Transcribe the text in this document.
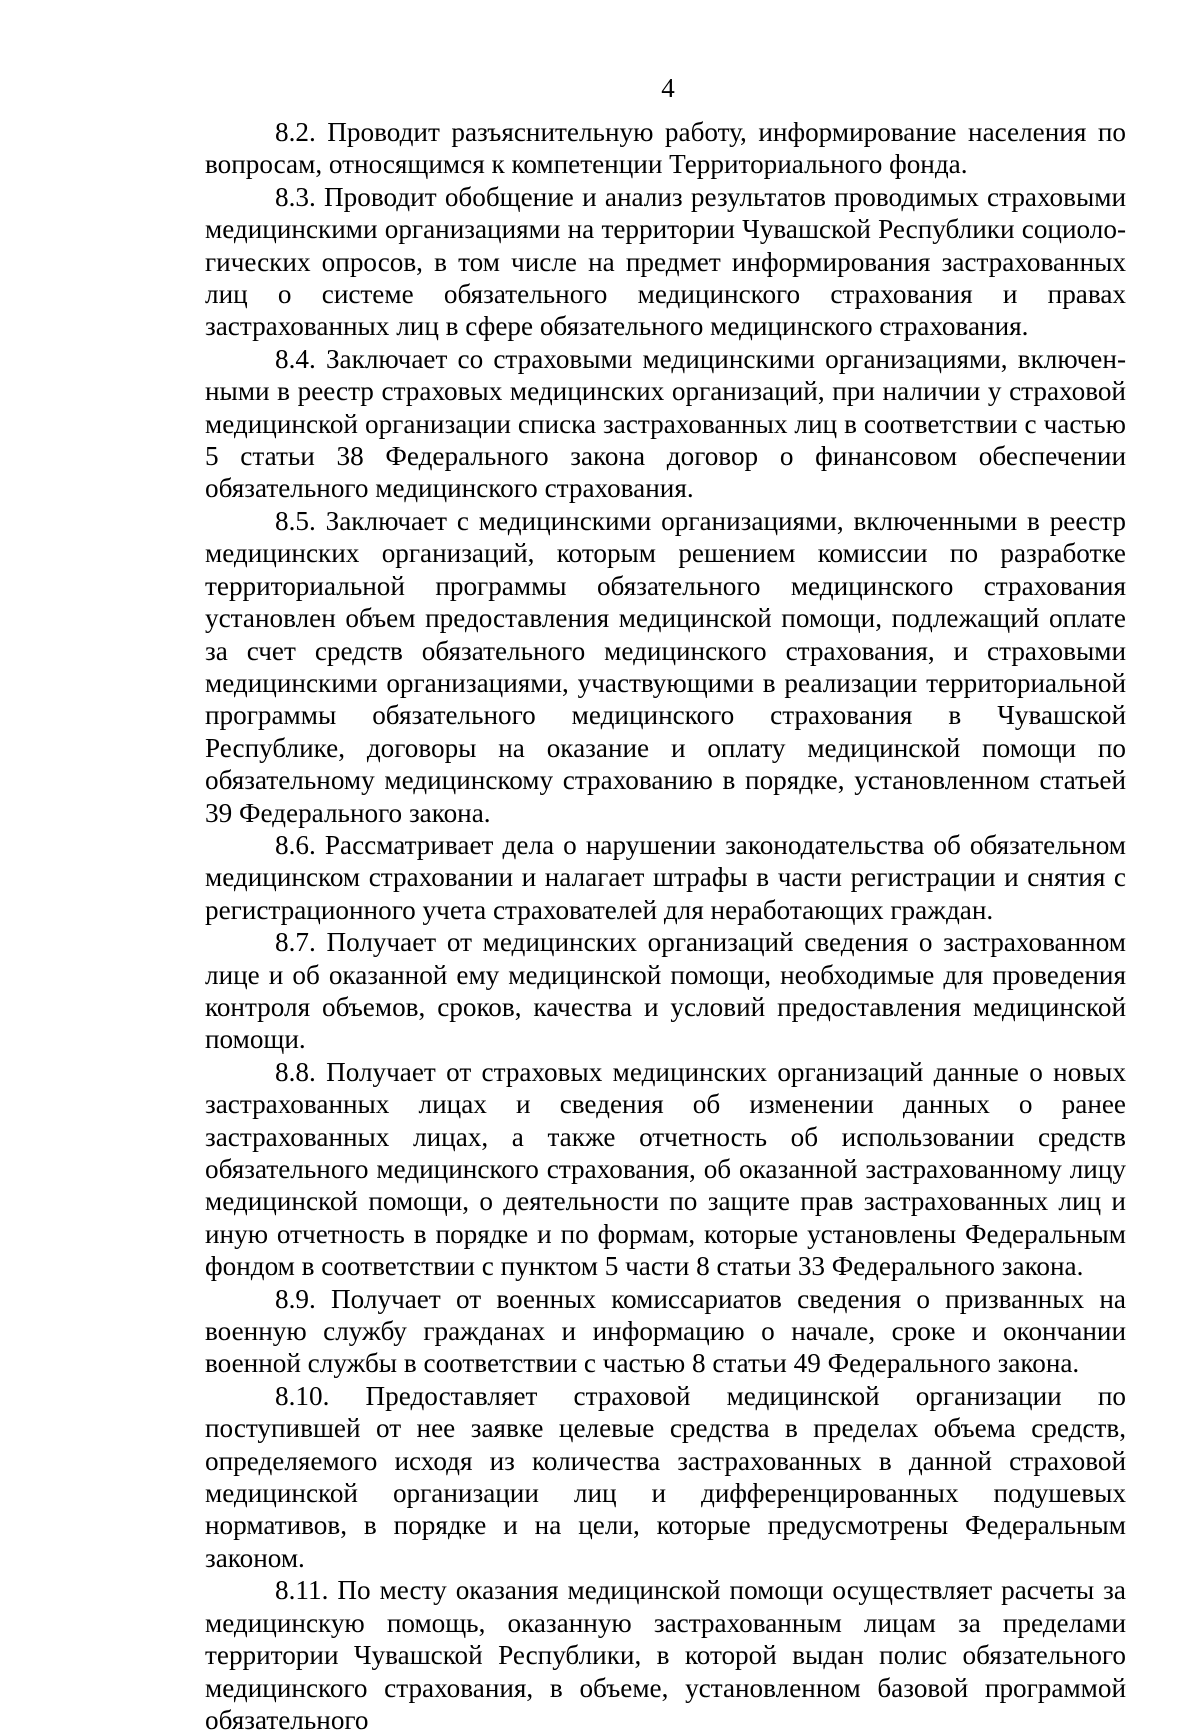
4

8.2. Проводит разъяснительную работу, информирование населения по вопросам, относящимся к компетенции Территориального фонда.

8.3. Проводит обобщение и анализ результатов проводимых страховыми медицинскими организациями на территории Чувашской Республики социологических опросов, в том числе на предмет информирования застрахованных лиц о системе обязательного медицинского страхования и правах застрахованных лиц в сфере обязательного медицинского страхования.

8.4. Заключает со страховыми медицинскими организациями, включенными в реестр страховых медицинских организаций, при наличии у страховой медицинской организации списка застрахованных лиц в соответствии с частью 5 статьи 38 Федерального закона договор о финансовом обеспечении обязательного медицинского страхования.

8.5. Заключает с медицинскими организациями, включенными в реестр медицинских организаций, которым решением комиссии по разработке территориальной программы обязательного медицинского страхования установлен объем предоставления медицинской помощи, подлежащий оплате за счет средств обязательного медицинского страхования, и страховыми медицинскими организациями, участвующими в реализации территориальной программы обязательного медицинского страхования в Чувашской Республике, договоры на оказание и оплату медицинской помощи по обязательному медицинскому страхованию в порядке, установленном статьей 39 Федерального закона.

8.6. Рассматривает дела о нарушении законодательства об обязательном медицинском страховании и налагает штрафы в части регистрации и снятия с регистрационного учета страхователей для неработающих граждан.

8.7. Получает от медицинских организаций сведения о застрахованном лице и об оказанной ему медицинской помощи, необходимые для проведения контроля объемов, сроков, качества и условий предоставления медицинской помощи.

8.8. Получает от страховых медицинских организаций данные о новых застрахованных лицах и сведения об изменении данных о ранее застрахованных лицах, а также отчетность об использовании средств обязательного медицинского страхования, об оказанной застрахованному лицу медицинской помощи, о деятельности по защите прав застрахованных лиц и иную отчетность в порядке и по формам, которые установлены Федеральным фондом в соответствии с пунктом 5 части 8 статьи 33 Федерального закона.

8.9. Получает от военных комиссариатов сведения о призванных на военную службу гражданах и информацию о начале, сроке и окончании военной службы в соответствии с частью 8 статьи 49 Федерального закона.

8.10. Предоставляет страховой медицинской организации по поступившей от нее заявке целевые средства в пределах объема средств, определяемого исходя из количества застрахованных в данной страховой медицинской организации лиц и дифференцированных подушевых нормативов, в порядке и на цели, которые предусмотрены Федеральным законом.

8.11. По месту оказания медицинской помощи осуществляет расчеты за медицинскую помощь, оказанную застрахованным лицам за пределами территории Чувашской Республики, в которой выдан полис обязательного медицинского страхования, в объеме, установленном базовой программой обязательного
